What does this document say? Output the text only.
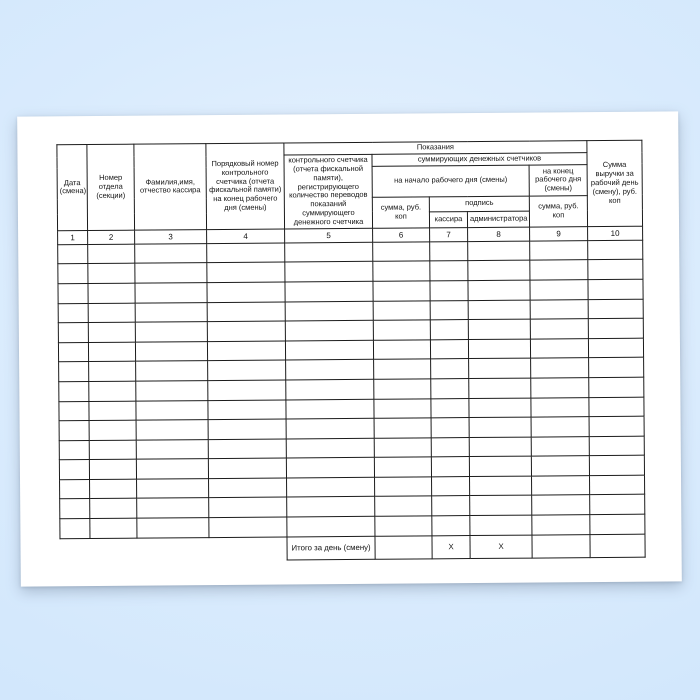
Дата (смена)	Номер отдела (секции)	Фамилия,имя, отчество кассира	Порядковый номер контрольного счетчика (отчета фискальной памяти) на конец рабочего дня (смены)	Показания					Сумма выручки за рабочий день (смену), руб. коп
				контрольного счетчика (отчета фискальной памяти), регистрирующего количество переводов показаний суммирующего денежного счетчика	суммирующих денежных счетчиков				
					на начало рабочего дня (смены)			на конец рабочего дня (смены)	
					сумма, руб. коп	подпись		сумма, руб. коп	
						кассира	администратора		
1	2	3	4	5	6	7	8	9	10

				Итого за день (смену)		X	X		
